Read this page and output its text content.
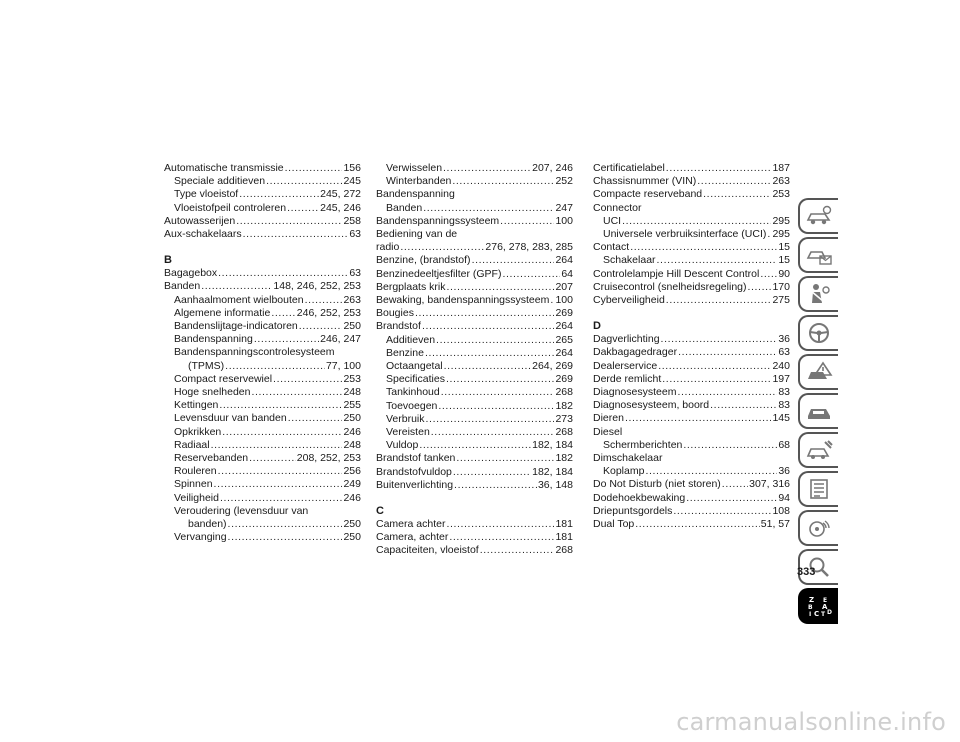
Automatische transmissie .....	156
Speciale additieven .....	245
Type vloeistof .....	245, 272
Vloeistofpeil controleren .....	245, 246
Autowasserijen .....	258
Aux-schakelaars .....	63
B
Bagagebox .....	63
Banden .....	148, 246, 252, 253
Aanhaalmoment wielbouten .....	263
Algemene informatie .....	246, 252, 253
Bandenslijtage-indicatoren .....	250
Bandenspanning .....	246, 247
Bandenspanningscontrolesysteem
(TPMS) .....	77, 100
Compact reservewiel .....	253
Hoge snelheden .....	248
Kettingen .....	255
Levensduur van banden .....	250
Opkrikken .....	246
Radiaal .....	248
Reservebanden .....	208, 252, 253
Rouleren .....	256
Spinnen .....	249
Veiligheid .....	246
Veroudering (levensduur van
banden) .....	250
Vervanging .....	250
Verwisselen .....	207, 246
Winterbanden .....	252
Bandenspanning
Banden .....	247
Bandenspanningssysteem .....	100
Bediening van de
radio .....	276, 278, 283, 285
Benzine, (brandstof) .....	264
Benzinedeeltjesfilter (GPF) .....	64
Bergplaats krik .....	207
Bewaking, bandenspanningssysteem ..... 100
Bougies .....	269
Brandstof .....	264
Additieven .....	265
Benzine .....	264
Octaangetal .....	264, 269
Specificaties .....	269
Tankinhoud .....	268
Toevoegen .....	182
Verbruik .....	273
Vereisten .....	268
Vuldop .....	182, 184
Brandstof tanken .....	182
Brandstofvuldop .....	182, 184
Buitenverlichting .....	36, 148
C
Camera achter .....	181
Camera, achter .....	181
Capaciteiten, vloeistof .....	268
Certificatielabel .....	187
Chassisnummer (VIN) .....	263
Compacte reserveband .....	253
Connector
UCI .....	295
Universele verbruiksinterface (UCI) ..... 295
Contact .....	15
Schakelaar .....	15
Controlelampje Hill Descent Control ..... 90
Cruisecontrol (snelheidsregeling) ..... 170
Cyberveiligheid .....	275
D
Dagverlichting .....	36
Dakbagagedrager .....	63
Dealerservice .....	240
Derde remlicht .....	197
Diagnosesysteem .....	83
Diagnosesysteem, boord .....	83
Dieren .....	145
Diesel
Schermberichten .....	68
Dimschakelaar
Koplamp .....	36
Do Not Disturb (niet storen) .....	307, 316
Dodehoekbewaking .....	94
Driepuntsgordels .....	108
Dual Top .....	51, 57
Z E
B A
I C T D
333
carmanualsonline.info
